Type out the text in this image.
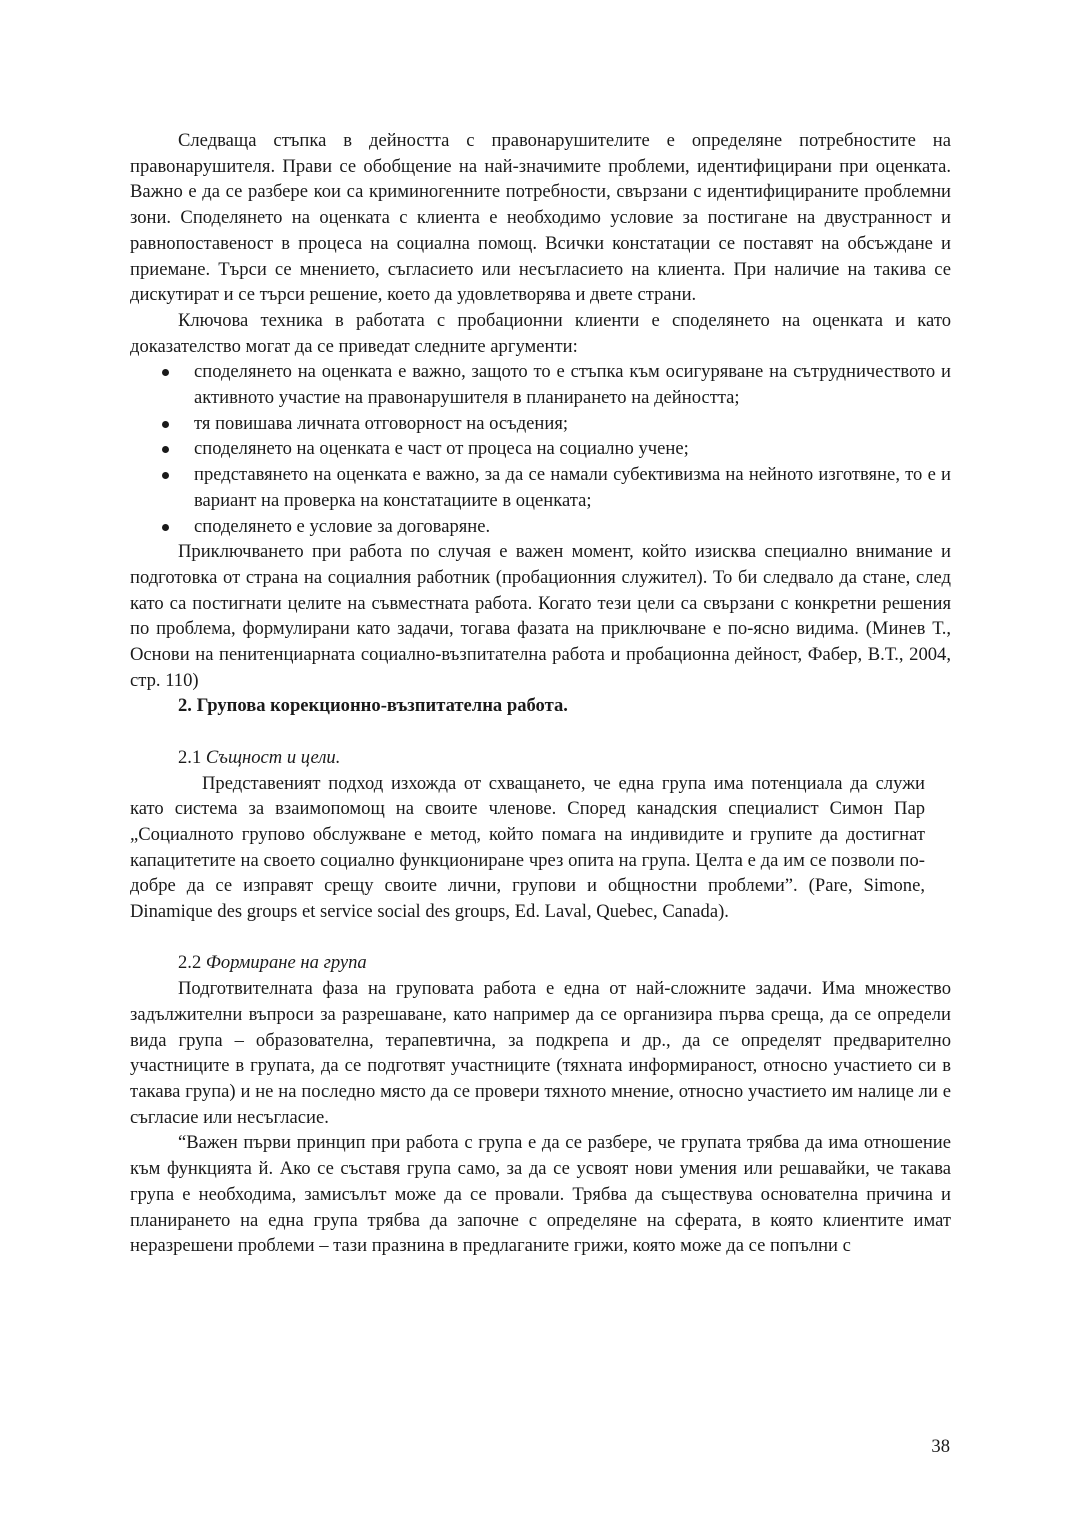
Следваща стъпка в дейността с правонарушителите е определяне потребностите на правонарушителя. Прави се обобщение на най-значимите проблеми, идентифицирани при оценката. Важно е да се разбере кои са криминогенните потребности, свързани с идентифицираните проблемни зони. Споделянето на оценката с клиента е необходимо условие за постигане на двустранност и равнопоставеност в процеса на социална помощ. Всички констатации се поставят на обсъждане и приемане. Търси се мнението, съгласието или несъгласието на клиента. При наличие на такива се дискутират и се търси решение, което да удовлетворява и двете страни.

Ключова техника в работата с пробационни клиенти е споделянето на оценката и като доказателство могат да се приведат следните аргументи:

споделянето на оценката е важно, защото то е стъпка към осигуряване на сътрудничеството и активното участие на правонарушителя в планирането на дейността;
тя повишава личната отговорност на осъдения;
споделянето на оценката е част от процеса на социално учене;
представянето на оценката е важно, за да се намали субективизма на нейното изготвяне, то е и вариант на проверка на констатациите в оценката;
споделянето е условие за договаряне.

Приключването при работа по случая е важен момент, който изисква специално внимание и подготовка от страна на социалния работник (пробационния служител). То би следвало да стане, след като са постигнати целите на съвместната работа. Когато тези цели са свързани с конкретни решения по проблема, формулирани като задачи, тогава фазата на приключване е по-ясно видима. (Минев Т., Основи на пенитенциарната социално-възпитателна работа и пробационна дейност, Фабер, В.Т., 2004, стр. 110)

2. Групова корекционно-възпитателна работа.
2.1 Същност и цели.

Представеният подход изхожда от схващането, че една група има потенциала да служи като система за взаимопомощ на своите членове. Според канадския специалист Симон Пар „Социалното групово обслужване е метод, който помага на индивидите и групите да достигнат капацитетите на своето социално функциониране чрез опита на група. Целта е да им се позволи по-добре да се изправят срещу своите лични, групови и общностни проблеми”. (Pare, Simone, Dinamique des groups et service social des groups, Ed. Laval, Quebec, Canada).

2.2 Формиране на група

Подготвителната фаза на груповата работа е една от най-сложните задачи. Има множество задължителни въпроси за разрешаване, като например да се организира първа среща, да се определи вида група – образователна, терапевтична, за подкрепа и др., да се определят предварително участниците в групата, да се подготвят участниците (тяхната информираност, относно участието си в такава група) и не на последно място да се провери тяхното мнение, относно участието им налице ли е съгласие или несъгласие.

“Важен първи принцип при работа с група е да се разбере, че групата трябва да има отношение към функцията й. Ако се съставя група само, за да се усвоят нови умения или решавайки, че такава група е необходима, замисълът може да се провали. Трябва да съществува основателна причина и планирането на една група трябва да започне с определяне на сферата, в която клиентите имат неразрешени проблеми – тази празнина в предлаганите грижи, която може да се попълни с

38
